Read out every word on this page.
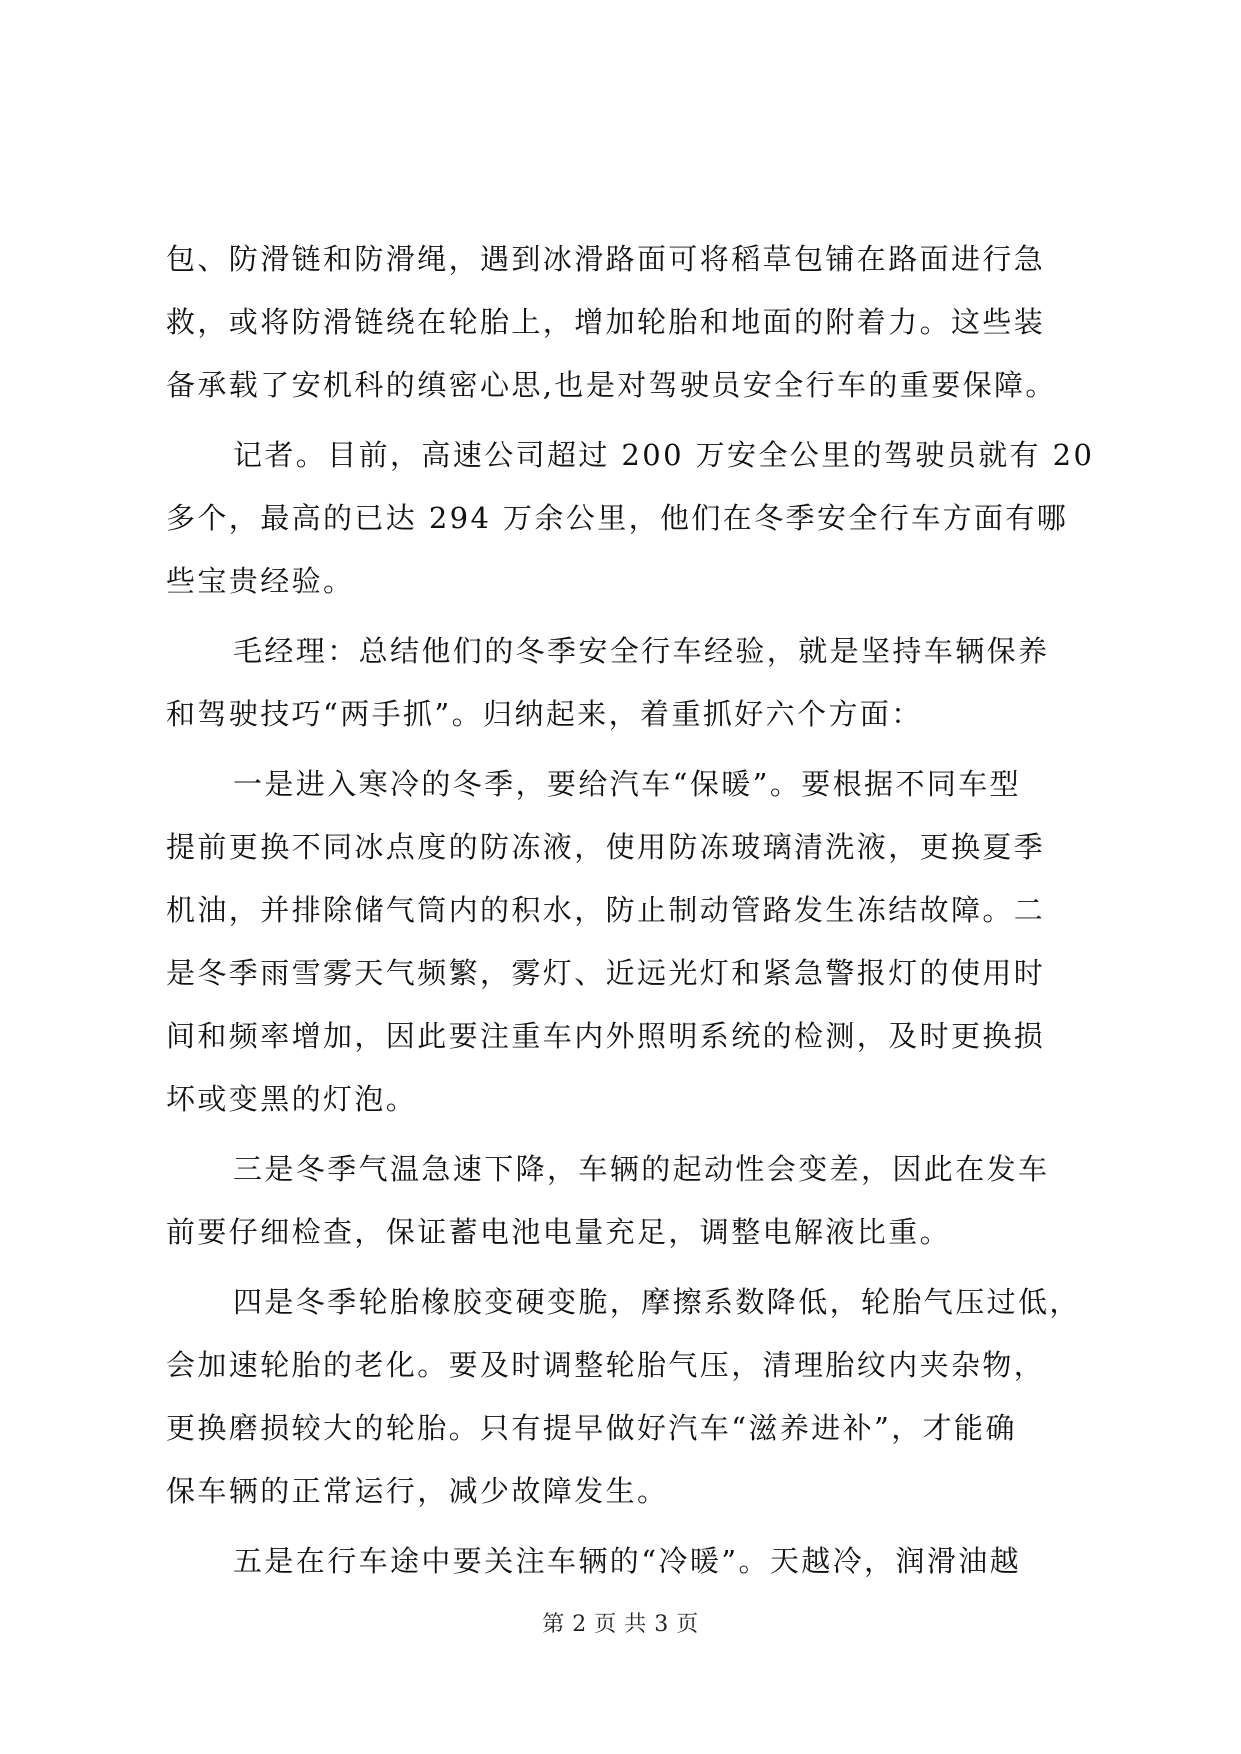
包、防滑链和防滑绳，遇到冰滑路面可将稻草包铺在路面进行急
救，或将防滑链绕在轮胎上，增加轮胎和地面的附着力。这些装
备承载了安机科的缜密心思,也是对驾驶员安全行车的重要保障。
记者。目前，高速公司超过 200 万安全公里的驾驶员就有 20
多个，最高的已达 294 万余公里，他们在冬季安全行车方面有哪
些宝贵经验。
毛经理：总结他们的冬季安全行车经验，就是坚持车辆保养
和驾驶技巧“两手抓”。归纳起来，着重抓好六个方面：
一是进入寒冷的冬季，要给汽车“保暖”。要根据不同车型
提前更换不同冰点度的防冻液，使用防冻玻璃清洗液，更换夏季
机油，并排除储气筒内的积水，防止制动管路发生冻结故障。二
是冬季雨雪雾天气频繁，雾灯、近远光灯和紧急警报灯的使用时
间和频率增加，因此要注重车内外照明系统的检测，及时更换损
坏或变黑的灯泡。
三是冬季气温急速下降，车辆的起动性会变差，因此在发车
前要仔细检查，保证蓄电池电量充足，调整电解液比重。
四是冬季轮胎橡胶变硬变脆，摩擦系数降低，轮胎气压过低，
会加速轮胎的老化。要及时调整轮胎气压，清理胎纹内夹杂物，
更换磨损较大的轮胎。只有提早做好汽车“滋养进补”，才能确
保车辆的正常运行，减少故障发生。
五是在行车途中要关注车辆的“冷暖”。天越冷，润滑油越
第 2 页 共 3 页
